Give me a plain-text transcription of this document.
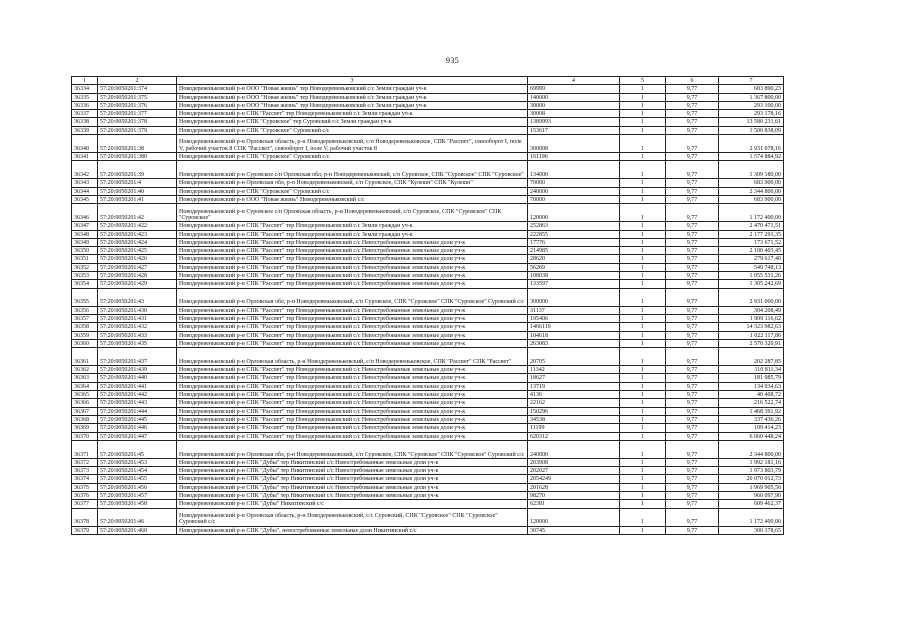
935
1	2	3	4	5	6	7
36334	57:20:0050201:374	Новодеревеньковский р-н ООО "Новая жизнь" тер Новодеревеньковский с/с Земли граждан уч-к	69999	1	9,77	683 890,23
36335	57:20:0050201:375	Новодеревеньковский р-н ООО "Новая жизнь" тер Новодеревеньковский с/с Земли граждан уч-к	140000	1	9,77	1 367 800,00
36336	57:20:0050201:376	Новодеревеньковский р-н ООО "Новая жизнь" тер Новодеревеньковский с/с Земли граждан уч-к	30000	1	9,77	293 100,00
36337	57:20:0050201:377	Новодеревеньковский р-н СПК "Рассвет" тер Новодеревеньковский с/с Земли граждан уч-к	30008	1	9,77	293 178,16
36338	57:20:0050201:378	Новодеревеньковский р-н СПК "Суровское" тер Суровский с/с Земли граждан уч-к	1389993	1	9,77	13 580 231,61
36339	57:20:0050201:379	Новодеревеньковский р-н СПК "Суровское" Суровский с/с	153617	1	9,77	1 500 838,09
36340	57:20:0050201:38	Новодеревеньковский р-н Орловская область, р-н Новодеревеньковский, с/п Новодеревеньковское, СПК "Рассвет", севооборот I, поле V, рабочий участок 8 СПК "Рассвет", севооборот I, поле V, рабочий участок 8	300008	1	9,77	2 931 078,16
36341	57:20:0050201:380	Новодеревеньковский р-н СПК "Суровское" Суровский с/с	161196	1	9,77	1 574 884,92
36342	57:20:0050201:39	Новодеревеньковский р-н Суровское с/п Орловская обл, р-н Новодеревеньковский, с/п Суровское, СПК "Суровское" СПК "Суровское"	134000	1	9,77	1 309 180,00
36343	57:20:0050201:4	Новодеревеньковский р-н Орловская обл, р-н Новодеревеньковский, с/п Суровское, СПК "Кулешн" СПК "Кулешн"	70000	1	9,77	683 900,00
36344	57:20:0050201:40	Новодеревеньковский р-н СПК "Суровское" Суровский с/с	240000	1	9,77	2 344 800,00
36345	57:20:0050201:41	Новодеревеньковский р-н ООО "Новая жизнь" Новодеревеньковский с/с	70000	1	9,77	683 900,00
36346	57:20:0050201:42	Новодеревеньковский р-н Суровское с/п Орловская область, р-н Новодеревеньковский, с/п Суровское, СПК "Суровское" СПК "Суровское"	120000	1	9,77	1 172 400,00
36347	57:20:0050201:422	Новодеревеньковский р-н СПК "Рассвет" тер Новодеревеньковский с/с Земли граждан уч-к	252863	1	9,77	2 470 471,51
36348	57:20:0050201:423	Новодеревеньковский р-н СПК "Рассвет" тер Новодеревеньковский с/с Земли граждан уч-к	222855	1	9,77	2 177 293,35
36349	57:20:0050201:424	Новодеревеньковский р-н СПК "Рассвет" тер Новодеревеньковский с/с Невостребованные земельные доли уч-к	17776	1	9,77	173 671,52
36350	57:20:0050201:425	Новодеревеньковский р-н СПК "Рассвет" тер Новодеревеньковский с/с Невостребованные земельные доли уч-к	214985	1	9,77	2 100 403,45
36351	57:20:0050201:426	Новодеревеньковский р-н СПК "Рассвет" тер Новодеревеньковский с/с Невостребованные земельные доли уч-к	28620	1	9,77	279 617,40
36352	57:20:0050201:427	Новодеревеньковский р-н СПК "Рассвет" тер Новодеревеньковский с/с Невостребованные земельные доли уч-к	56269	1	9,77	549 748,13
36353	57:20:0050201:428	Новодеревеньковский р-н СПК "Рассвет" тер Новодеревеньковский с/с Невостребованные земельные доли уч-к	108038	1	9,77	1 055 531,26
36354	57:20:0050201:429	Новодеревеньковский р-н СПК "Рассвет" тер Новодеревеньковский с/с Невостребованные земельные доли уч-к	133597	1	9,77	1 305 242,69
36355	57:20:0050201:43	Новодеревеньковский р-н Орловская обл, р-н Новодеревеньковский, с/п Суровское, СПК "Суровское" СПК "Суровское" Суровский с/с	300000	1	9,77	2 931 000,00
36356	57:20:0050201:430	Новодеревеньковский р-н СПК "Рассвет" тер Новодеревеньковский с/с Невостребованные земельные доли уч-к	31137	1	9,77	304 208,49
36357	57:20:0050201:431	Новодеревеньковский р-н СПК "Рассвет" тер Новодеревеньковский с/с Невостребованные земельные доли уч-к	195406	1	9,77	1 909 116,62
36358	57:20:0050201:432	Новодеревеньковский р-н СПК "Рассвет" тер Новодеревеньковский с/с Невостребованные земельные доли уч-к	1466119	1	9,77	14 323 982,63
36359	57:20:0050201:433	Новодеревеньковский р-н СПК "Рассвет" тер Новодеревеньковский с/с Невостребованные земельные доли уч-к	104618	1	9,77	1 022 117,86
36360	57:20:0050201:435	Новодеревеньковский р-н СПК "Рассвет" тер Новодеревеньковский с/с Невостребованные земельные доли уч-к	263083	1	9,77	2 570 320,91
36361	57:20:0050201:437	Новодеревеньковский р-н Орловская область, р-н Новодеревеньковский, с/п Новодеревеньковское, СПК "Рассвет" СПК "Рассвет"	20705	1	9,77	202 287,85
36362	57:20:0050201:439	Новодеревеньковский р-н СПК "Рассвет" тер Новодеревеньковский с/с Невостребованные земельные доли уч-к	11342	1	9,77	110 811,34
36363	57:20:0050201:440	Новодеревеньковский р-н СПК "Рассвет" тер Новодеревеньковский с/с Невостребованные земельные доли уч-к	18627	1	9,77	181 985,79
36364	57:20:0050201:441	Новодеревеньковский р-н СПК "Рассвет" тер Новодеревеньковский с/с Невостребованные земельные доли уч-к	13719	1	9,77	134 034,63
36365	57:20:0050201:442	Новодеревеньковский р-н СПК "Рассвет" тер Новодеревеньковский с/с Невостребованные земельные доли уч-к	4136	1	9,77	40 408,72
36366	57:20:0050201:443	Новодеревеньковский р-н СПК "Рассвет" тер Новодеревеньковский с/с Невостребованные земельные доли уч-к	22162	1	9,77	216 522,74
36367	57:20:0050201:444	Новодеревеньковский р-н СПК "Рассвет" тер Новодеревеньковский с/с Невостребованные земельные доли уч-к	150296	1	9,77	1 468 391,92
36368	57:20:0050201:445	Новодеревеньковский р-н СПК "Рассвет" тер Новодеревеньковский с/с Невостребованные земельные доли уч-к	34538	1	9,77	337 436,26
36369	57:20:0050201:446	Новодеревеньковский р-н СПК "Рассвет" тер Новодеревеньковский с/с Невостребованные земельные доли уч-к	11199	1	9,77	109 414,23
36370	57:20:0050201:447	Новодеревеньковский р-н СПК "Рассвет" тер Новодеревеньковский с/с Невостребованные земельные доли уч-к	620312	1	9,77	6 060 448,24
36371	57:20:0050201:45	Новодеревеньковский р-н Орловская обл, р-н Новодеревеньковский, с/п Суровское, СПК "Суровское" СПК "Суровское" Суровский с/с	240000	1	9,77	2 344 800,00
36372	57:20:0050201:453	Новодеревеньковский р-н СПК "Дубы" тер Никитинский с/с Невостребованные земельные доли уч-к	203908	1	9,77	1 992 181,16
36373	57:20:0050201:454	Новодеревеньковский р-н СПК "Дубы" тер Никитинский с/с Невостребованные земельные доли уч-к	202027	1	9,77	1 973 803,79
36374	57:20:0050201:455	Новодеревеньковский р-н СПК "Дубы" тер Никитинский с/с Невостребованные земельные доли уч-к	2054249	1	9,77	20 070 012,73
36375	57:20:0050201:456	Новодеревеньковский р-н СПК "Дубы" тер Никитинский с/с Невостребованные земельные доли уч-к	201628	1	9,77	1 969 905,56
36376	57:20:0050201:457	Новодеревеньковский р-н СПК "Дубы" тер Никитинский с/с Невостребованные земельные доли уч-к	98270	1	9,77	960 097,90
36377	57:20:0050201:458	Новодеревеньковский р-н СПК "Дубы" Никитинский с/с	62381	1	9,77	609 462,37
36378	57:20:0050201:46	Новодеревеньковский р-н Орловская область, р-н Новодеревеньковский, с/с Суровский, СПК "Суровское" СПК "Суровское" Суровский с/с	120000	1	9,77	1 172 400,00
36379	57:20:0050201:460	Новодеревеньковский р-н СПК "Дубы", невостребованные земельные доли Никитинский с/с	30745	1	9,77	300 378,65
